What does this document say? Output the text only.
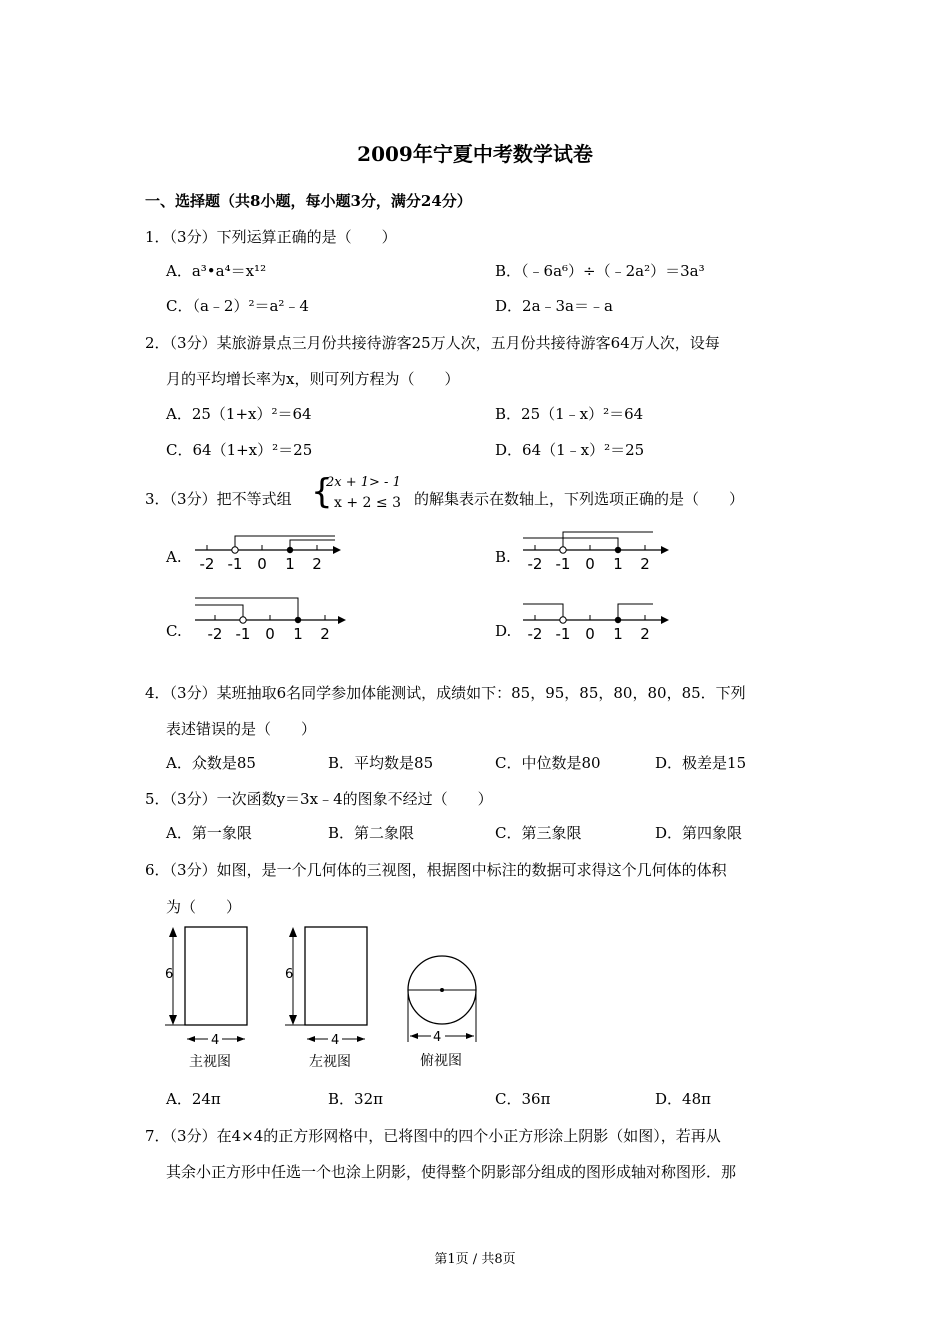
2009年宁夏中考数学试卷
一、选择题（共8小题，每小题3分，满分24分）
1．（3分）下列运算正确的是（　　）
A．a³•a⁴＝x¹²	B．（﹣6a⁶）÷（﹣2a²）＝3a³
C．（a﹣2）²＝a²﹣4	D．2a﹣3a＝﹣a
2．（3分）某旅游景点三月份共接待游客25万人次，五月份共接待游客64万人次，设每
月的平均增长率为x，则可列方程为（　　）
A．25（1+x）²＝64	B．25（1﹣x）²＝64
C．64（1+x）²＝25	D．64（1﹣x）²＝25
3．（3分）把不等式组 {
2x + 1> - 1
x + 2 ≤ 3 的解集表示在数轴上，下列选项正确的是（　　）
A.	B.
C.	D.
-2 -1 0 1 2	-2 -1 0 1 2
-2 -1 0 1 2	-2 -1 0 1 2
4．（3分）某班抽取6名同学参加体能测试，成绩如下：85，95，85，80，80，85．下列
表述错误的是（　　）
A．众数是85	B．平均数是85	C．中位数是80	D．极差是15
5．（3分）一次函数y＝3x﹣4的图象不经过（　　）
A．第一象限	B．第二象限	C．第三象限	D．第四象限
6．（3分）如图，是一个几何体的三视图，根据图中标注的数据可求得这个几何体的体积
为（　　）
6
4
主视图
6
4
左视图
4
俯视图
A．24π	B．32π	C．36π	D．48π
7．（3分）在4×4的正方形网格中，已将图中的四个小正方形涂上阴影（如图），若再从
其余小正方形中任选一个也涂上阴影，使得整个阴影部分组成的图形成轴对称图形．那
第1页 / 共8页
